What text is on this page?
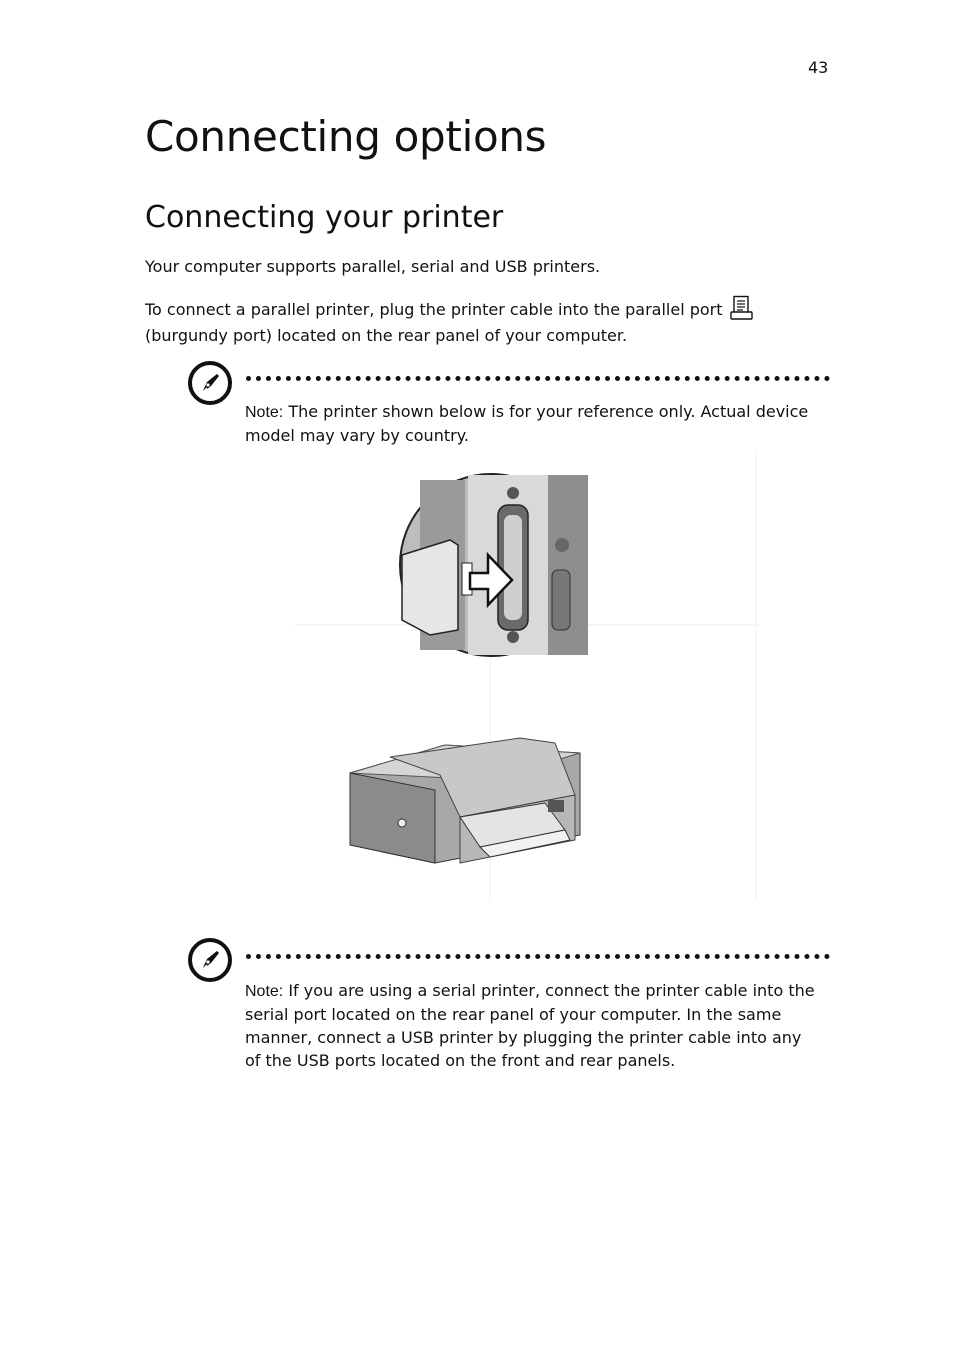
43
Connecting options
Connecting your printer

Your computer supports parallel, serial and USB printers.

To connect a parallel printer, plug the printer cable into the parallel port
(burgundy port) located on the rear panel of your computer.

Note: The printer shown below is for your reference only. Actual device model may vary by country.

Note: If you are using a serial printer, connect the printer cable into the serial port located on the rear panel of your computer. In the same manner, connect a USB printer by plugging the printer cable into any of the USB ports located on the front and rear panels.
